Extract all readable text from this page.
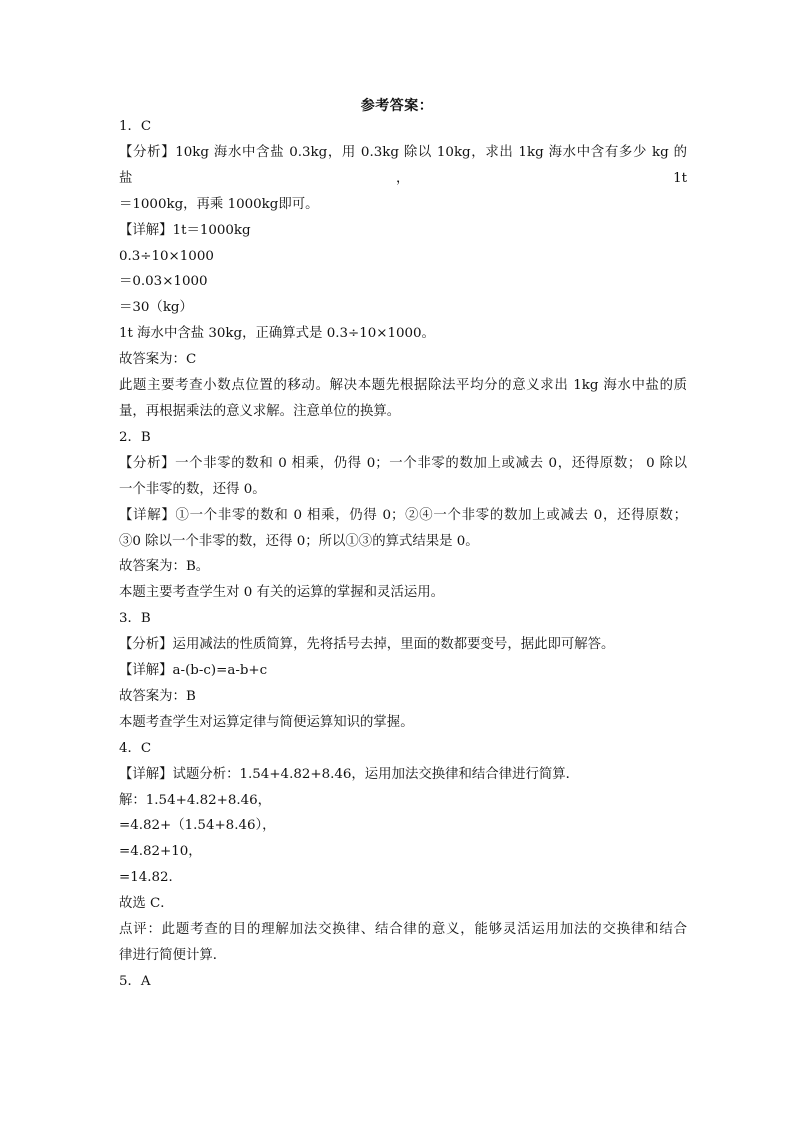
参考答案：
1．C
【分析】10kg 海水中含盐 0.3kg，用 0.3kg 除以 10kg，求出 1kg 海水中含有多少 kg 的盐，1t
＝1000kg，再乘 1000kg即可。
【详解】1t＝1000kg
0.3÷10×1000
＝0.03×1000
＝30（kg）
1t 海水中含盐 30kg，正确算式是 0.3÷10×1000。
故答案为：C
此题主要考查小数点位置的移动。解决本题先根据除法平均分的意义求出 1kg 海水中盐的质
量，再根据乘法的意义求解。注意单位的换算。
2．B
【分析】一个非零的数和 0 相乘，仍得 0；一个非零的数加上或减去 0，还得原数； 0 除以
一个非零的数，还得 0。
【详解】①一个非零的数和 0 相乘，仍得 0；②④一个非零的数加上或减去 0，还得原数；
③0 除以一个非零的数，还得 0；所以①③的算式结果是 0。
故答案为：B。
本题主要考查学生对 0 有关的运算的掌握和灵活运用。
3．B
【分析】运用减法的性质简算，先将括号去掉，里面的数都要变号，据此即可解答。
【详解】a-(b-c)=a-b+c
故答案为：B
本题考查学生对运算定律与简便运算知识的掌握。
4．C
【详解】试题分析：1.54+4.82+8.46，运用加法交换律和结合律进行简算．
解：1.54+4.82+8.46，
=4.82+（1.54+8.46），
=4.82+10，
=14.82．
故选 C．
点评：此题考查的目的理解加法交换律、结合律的意义，能够灵活运用加法的交换律和结合
律进行简便计算．
5．A
